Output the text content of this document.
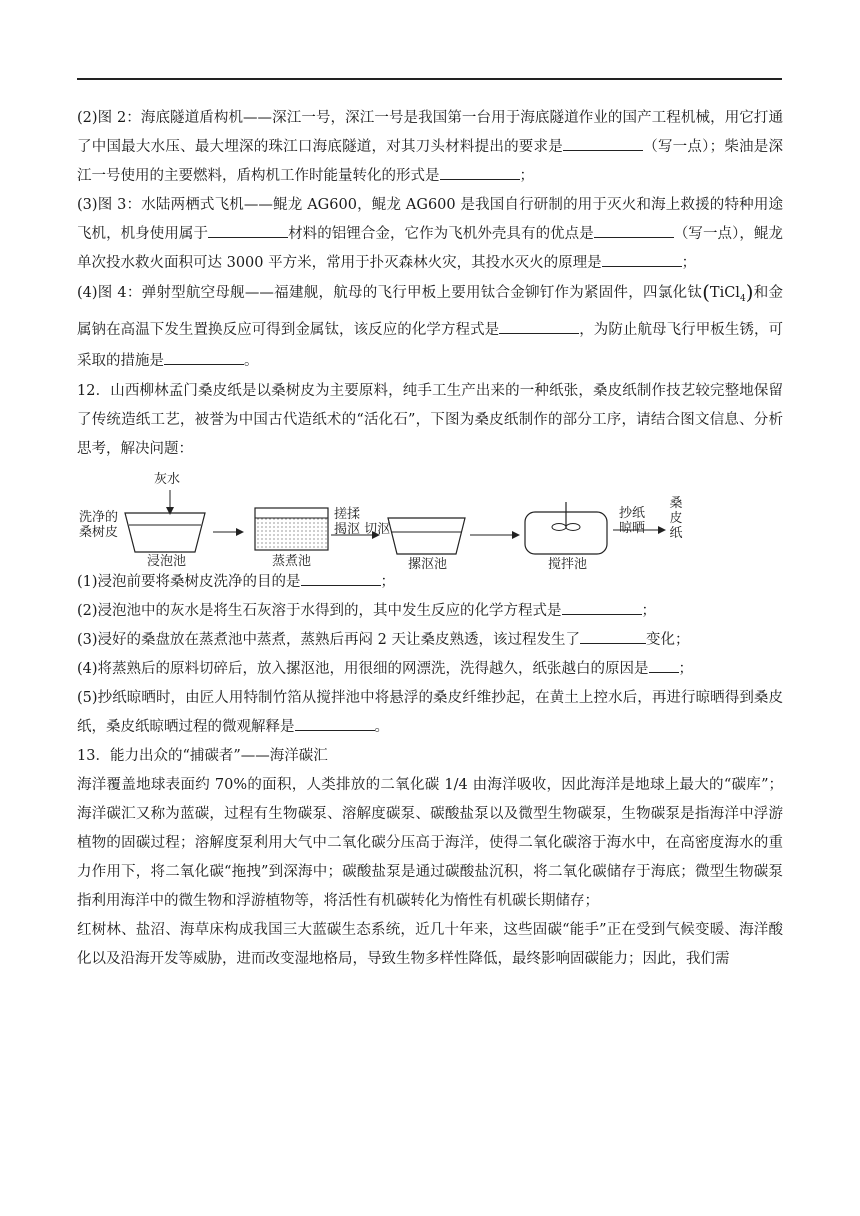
(2)图 2：海底隧道盾构机——深江一号，深江一号是我国第一台用于海底隧道作业的国产工程机械，用它打通了中国最大水压、最大埋深的珠江口海底隧道，对其刀头材料提出的要求是	（写一点）；柴油是深江一号使用的主要燃料，盾构机工作时能量转化的形式是	；

(3)图 3：水陆两栖式飞机——鲲龙 AG600，鲲龙 AG600 是我国自行研制的用于灭火和海上救援的特种用途飞机，机身使用属于	材料的铝锂合金，它作为飞机外壳具有的优点是	（写一点），鲲龙单次投水救火面积可达 3000 平方米，常用于扑灭森林火灾，其投水灭火的原理是	；

(4)图 4：弹射型航空母舰——福建舰，航母的飞行甲板上要用钛合金铆钉作为紧固件，四氯化钛(TiCl$_4$)和金属钠在高温下发生置换反应可得到金属钛，该反应的化学方程式是	，为防止航母飞行甲板生锈，可采取的措施是	。

12．山西柳林孟门桑皮纸是以桑树皮为主要原料，纯手工生产出来的一种纸张，桑皮纸制作技艺较完整地保留了传统造纸工艺，被誉为中国古代造纸术的“活化石”，下图为桑皮纸制作的部分工序，请结合图文信息、分析思考，解决问题：

灰水
洗净的
桑树皮
浸泡池	蒸煮池
搓揉
揭沤 切沤
摞沤池	搅拌池
抄纸
晾晒
桑皮纸

(1)浸泡前要将桑树皮洗净的目的是	；

(2)浸泡池中的灰水是将生石灰溶于水得到的，其中发生反应的化学方程式是	；

(3)浸好的桑盘放在蒸煮池中蒸煮，蒸熟后再闷 2 天让桑皮熟透，该过程发生了	变化；

(4)将蒸熟后的原料切碎后，放入摞沤池，用很细的网漂洗，洗得越久，纸张越白的原因是 ；

(5)抄纸晾晒时，由匠人用特制竹箔从搅拌池中将悬浮的桑皮纤维抄起，在黄土上控水后，再进行晾晒得到桑皮纸，桑皮纸晾晒过程的微观解释是	。

13．能力出众的“捕碳者”——海洋碳汇

海洋覆盖地球表面约 70%的面积，人类排放的二氧化碳 1/4 由海洋吸收，因此海洋是地球上最大的“碳库”；海洋碳汇又称为蓝碳，过程有生物碳泵、溶解度碳泵、碳酸盐泵以及微型生物碳泵，生物碳泵是指海洋中浮游植物的固碳过程；溶解度泵利用大气中二氧化碳分压高于海洋，使得二氧化碳溶于海水中，在高密度海水的重力作用下，将二氧化碳“拖拽”到深海中；碳酸盐泵是通过碳酸盐沉积，将二氧化碳储存于海底；微型生物碳泵指利用海洋中的微生物和浮游植物等，将活性有机碳转化为惰性有机碳长期储存；

红树林、盐沼、海草床构成我国三大蓝碳生态系统，近几十年来，这些固碳“能手”正在受到气候变暖、海洋酸化以及沿海开发等威胁，进而改变湿地格局，导致生物多样性降低，最终影响固碳能力；因此，我们需
